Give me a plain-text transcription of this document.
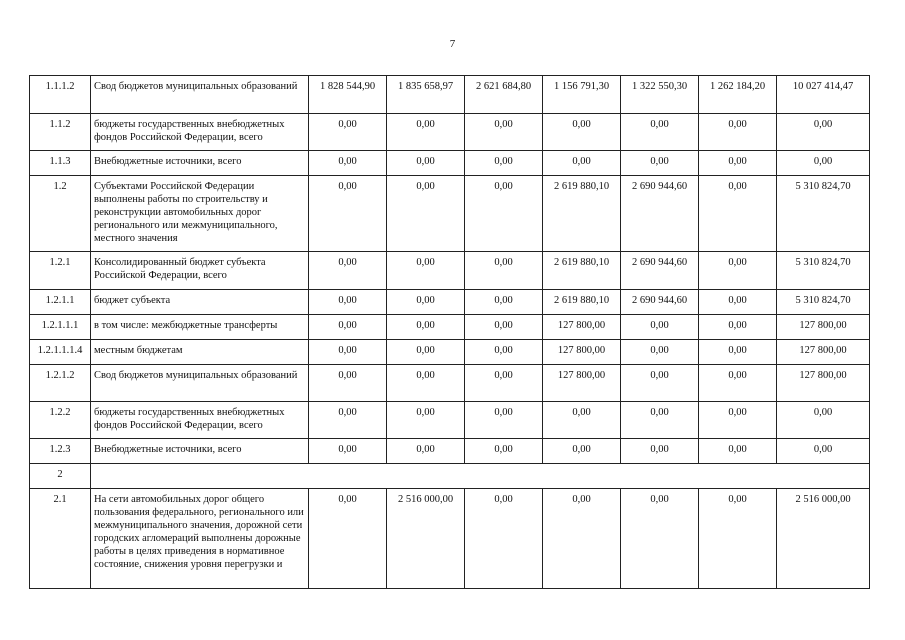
7
1.1.1.2	Свод бюджетов муниципальных образований	1 828 544,90	1 835 658,97	2 621 684,80	1 156 791,30	1 322 550,30	1 262 184,20	10 027 414,47
1.1.2	бюджеты государственных внебюджетных фондов Российской Федерации, всего	0,00	0,00	0,00	0,00	0,00	0,00	0,00
1.1.3	Внебюджетные источники, всего	0,00	0,00	0,00	0,00	0,00	0,00	0,00
1.2	Субъектами Российской Федерации выполнены работы по строительству и реконструкции автомобильных дорог регионального или межмуниципального, местного значения	0,00	0,00	0,00	2 619 880,10	2 690 944,60	0,00	5 310 824,70
1.2.1	Консолидированный бюджет субъекта Российской Федерации, всего	0,00	0,00	0,00	2 619 880,10	2 690 944,60	0,00	5 310 824,70
1.2.1.1	бюджет субъекта	0,00	0,00	0,00	2 619 880,10	2 690 944,60	0,00	5 310 824,70
1.2.1.1.1	в том числе: межбюджетные трансферты	0,00	0,00	0,00	127 800,00	0,00	0,00	127 800,00
1.2.1.1.1.4	местным бюджетам	0,00	0,00	0,00	127 800,00	0,00	0,00	127 800,00
1.2.1.2	Свод бюджетов муниципальных образований	0,00	0,00	0,00	127 800,00	0,00	0,00	127 800,00
1.2.2	бюджеты государственных внебюджетных фондов Российской Федерации, всего	0,00	0,00	0,00	0,00	0,00	0,00	0,00
1.2.3	Внебюджетные источники, всего	0,00	0,00	0,00	0,00	0,00	0,00	0,00
2								
2.1	На сети автомобильных дорог общего пользования федерального, регионального или межмуниципального значения, дорожной сети городских агломераций выполнены дорожные работы в целях приведения в нормативное состояние, снижения уровня перегрузки и	0,00	2 516 000,00	0,00	0,00	0,00	0,00	2 516 000,00
